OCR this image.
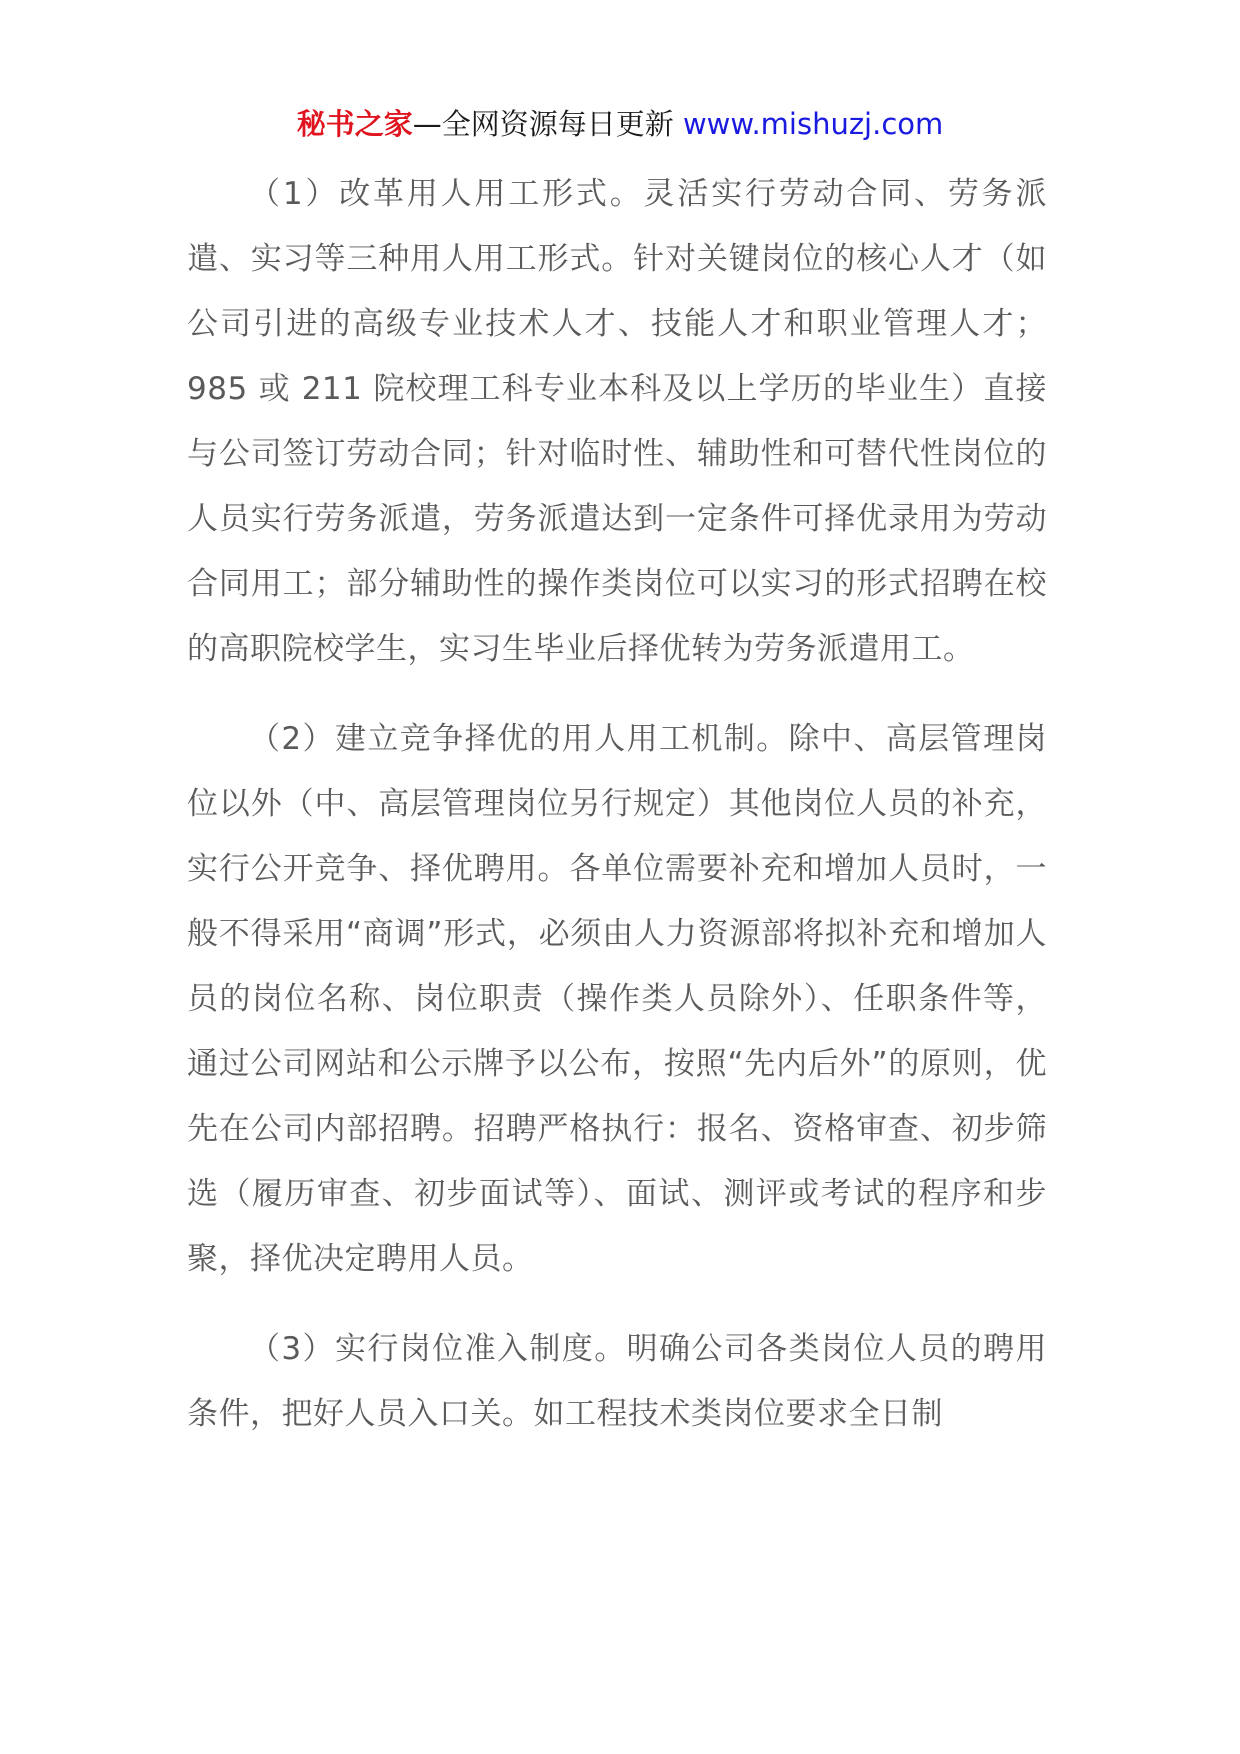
秘书之家—全网资源每日更新 www.mishuzj.com

（1）改革用人用工形式。灵活实行劳动合同、劳务派遣、实习等三种用人用工形式。针对关键岗位的核心人才（如公司引进的高级专业技术人才、技能人才和职业管理人才；985 或 211 院校理工科专业本科及以上学历的毕业生）直接与公司签订劳动合同；针对临时性、辅助性和可替代性岗位的人员实行劳务派遣，劳务派遣达到一定条件可择优录用为劳动合同用工；部分辅助性的操作类岗位可以实习的形式招聘在校的高职院校学生，实习生毕业后择优转为劳务派遣用工。

（2）建立竞争择优的用人用工机制。除中、高层管理岗位以外（中、高层管理岗位另行规定）其他岗位人员的补充，实行公开竞争、择优聘用。各单位需要补充和增加人员时，一般不得采用“商调”形式，必须由人力资源部将拟补充和增加人员的岗位名称、岗位职责（操作类人员除外）、任职条件等，通过公司网站和公示牌予以公布，按照“先内后外”的原则，优先在公司内部招聘。招聘严格执行：报名、资格审查、初步筛选（履历审查、初步面试等）、面试、测评或考试的程序和步聚，择优决定聘用人员。

（3）实行岗位准入制度。明确公司各类岗位人员的聘用条件，把好人员入口关。如工程技术类岗位要求全日制
